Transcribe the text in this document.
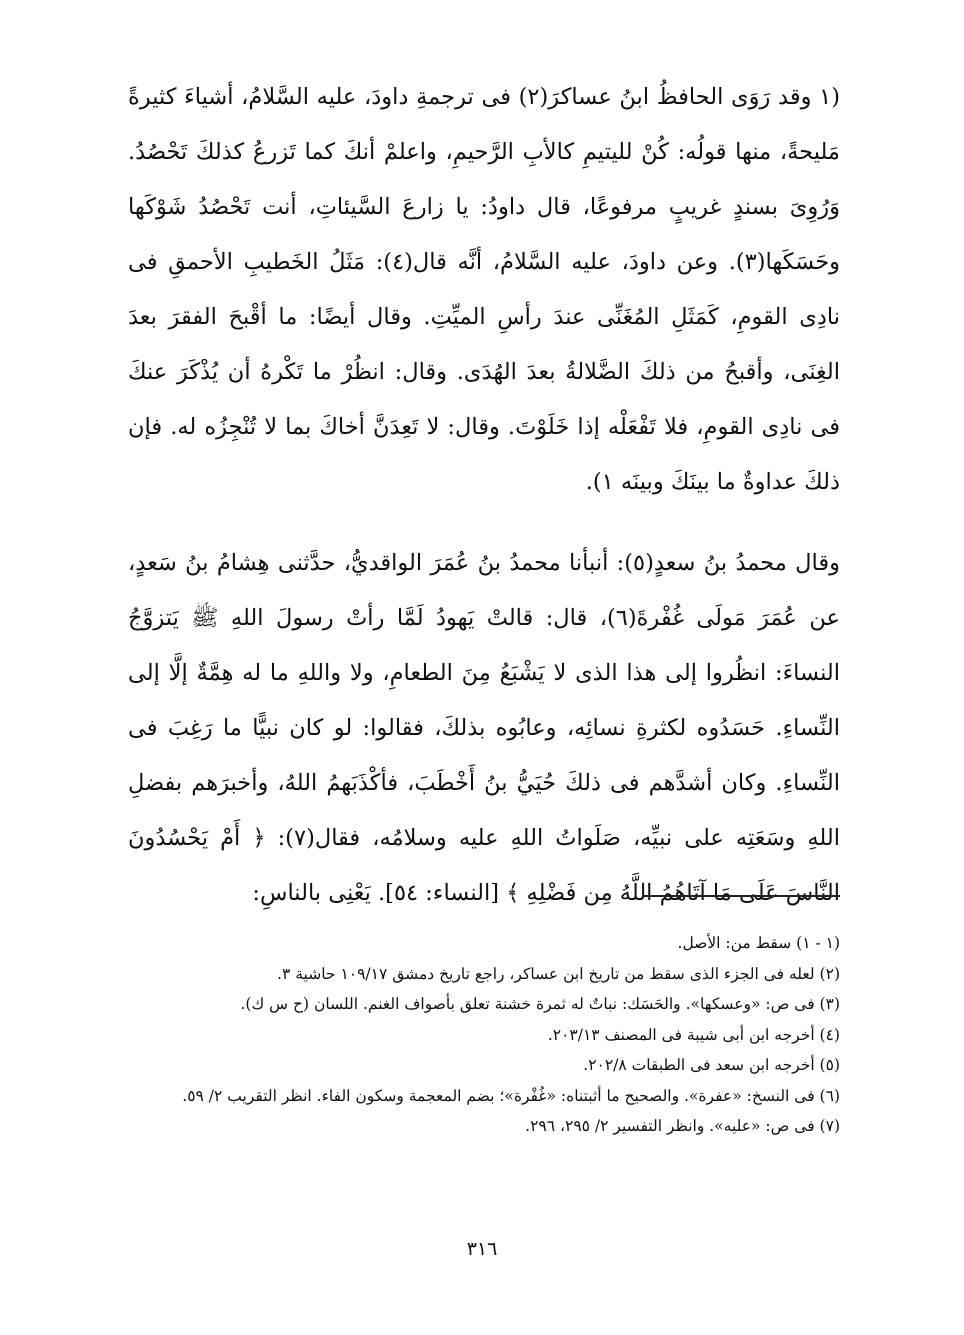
(١ وقد رَوَى الحافظُ ابنُ عساكرَ(٢) فى ترجمةِ داودَ، عليه السَّلامُ، أشياءَ كثيرةً مَليحةً، منها قولُه: كُنْ لليتيمِ كالأبِ الرَّحيمِ، واعلمْ أنكَ كما تَزرعُ كذلكَ تَحْصُدُ. وَرُوِىَ بسندٍ غريبٍ مرفوعًا، قال داودُ: يا زارعَ السَّيئاتِ، أنت تَحْصُدُ شَوْكَها وحَسَكَها(٣). وعن داودَ، عليه السَّلامُ، أنَّه قال(٤): مَثَلُ الخَطيبِ الأحمقِ فى نادِى القومِ، كَمَثَلِ المُغَنِّى عندَ رأسِ الميِّتِ. وقال أيضًا: ما أقْبحَ الفقرَ بعدَ الغِنَى، وأقبحُ من ذلكَ الضَّلالةُ بعدَ الهُدَى. وقال: انظُرْ ما تَكْرهُ أن يُذْكَرَ عنكَ فى نادِى القومِ، فلا تَفْعَلْه إذا خَلَوْتَ. وقال: لا تَعِدَنَّ أخاكَ بما لا تُنْجِزُه له. فإن ذلكَ عداوةٌ ما بينَكَ وبينَه ١).

وقال محمدُ بنُ سعدٍ(٥): أنبأنا محمدُ بنُ عُمَرَ الواقديُّ، حدَّثنى هِشامُ بنُ سَعدٍ، عن عُمَرَ مَولَى غُفْرةَ(٦)، قال: قالتْ يَهودُ لَمَّا رأتْ رسولَ اللهِ ﷺ يَتزوَّجُ النساءَ: انظُروا إلى هذا الذى لا يَشْبَعُ مِنَ الطعامِ، ولا واللهِ ما له هِمَّةٌ إلَّا إلى النِّساءِ. حَسَدُوه لكثرةِ نسائِه، وعابُوه بذلكَ، فقالوا: لو كان نبيًّا ما رَغِبَ فى النِّساءِ. وكان أشدَّهم فى ذلكَ حُيَيُّ بنُ أَخْطَبَ، فأكْذَبَهمُ اللهُ، وأخبرَهم بفضلِ اللهِ وسَعَتِه على نبيِّه، صَلَواتُ اللهِ عليه وسلامُه، فقال(٧): ﴿ أَمْ يَحْسُدُونَ النَّاسَ عَلَى مَا آتَاهُمُ اللَّهُ مِن فَضْلِهِ ﴾ [النساء: ٥٤]. يَعْنِى بالناسِ:

(١ - ١) سقط من: الأصل.
(٢) لعله فى الجزء الذى سقط من تاريخ ابن عساكر، راجع تاريخ دمشق ١٠٩/١٧ حاشية ٣.
(٣) فى ص: «وعسكها». والحَسَك: نباتٌ له ثمرة خشنة تعلق بأصواف الغنم. اللسان (ح س ك).
(٤) أخرجه ابن أبى شيبة فى المصنف ٢٠٣/١٣.
(٥) أخرجه ابن سعد فى الطبقات ٢٠٢/٨.
(٦) فى النسخ: «عفرة». والصحيح ما أثبتناه: «غُفْرة»؛ بضم المعجمة وسكون الفاء. انظر التقريب ٢/ ٥٩.
(٧) فى ص: «عليه». وانظر التفسير ٢/ ٢٩٥، ٢٩٦.
٣١٦
